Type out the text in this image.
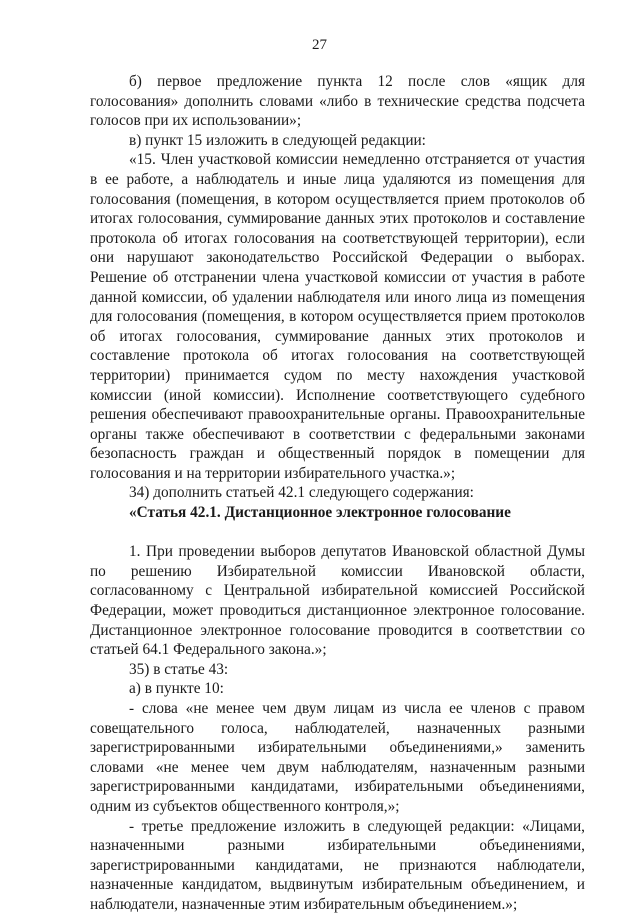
27

б) первое предложение пункта 12 после слов «ящик для голосования» дополнить словами «либо в технические средства подсчета голосов при их использовании»;

в) пункт 15 изложить в следующей редакции:

«15. Член участковой комиссии немедленно отстраняется от участия в ее работе, а наблюдатель и иные лица удаляются из помещения для голосования (помещения, в котором осуществляется прием протоколов об итогах голосования, суммирование данных этих протоколов и составление протокола об итогах голосования на соответствующей территории), если они нарушают законодательство Российской Федерации о выборах. Решение об отстранении члена участковой комиссии от участия в работе данной комиссии, об удалении наблюдателя или иного лица из помещения для голосования (помещения, в котором осуществляется прием протоколов об итогах голосования, суммирование данных этих протоколов и составление протокола об итогах голосования на соответствующей территории) принимается судом по месту нахождения участковой комиссии (иной комиссии). Исполнение соответствующего судебного решения обеспечивают правоохранительные органы. Правоохранительные органы также обеспечивают в соответствии с федеральными законами безопасность граждан и общественный порядок в помещении для голосования и на территории избирательного участка.»;

34) дополнить статьей 42.1 следующего содержания:

«Статья 42.1. Дистанционное электронное голосование

1. При проведении выборов депутатов Ивановской областной Думы по решению Избирательной комиссии Ивановской области, согласованному с Центральной избирательной комиссией Российской Федерации, может проводиться дистанционное электронное голосование. Дистанционное электронное голосование проводится в соответствии со статьей 64.1 Федерального закона.»;

35) в статье 43:

а) в пункте 10:

- слова «не менее чем двум лицам из числа ее членов с правом совещательного голоса, наблюдателей, назначенных разными зарегистрированными избирательными объединениями,» заменить словами «не менее чем двум наблюдателям, назначенным разными зарегистрированными кандидатами, избирательными объединениями, одним из субъектов общественного контроля,»;

- третье предложение изложить в следующей редакции: «Лицами, назначенными разными избирательными объединениями, зарегистрированными кандидатами, не признаются наблюдатели, назначенные кандидатом, выдвинутым избирательным объединением, и наблюдатели, назначенные этим избирательным объединением.»;
